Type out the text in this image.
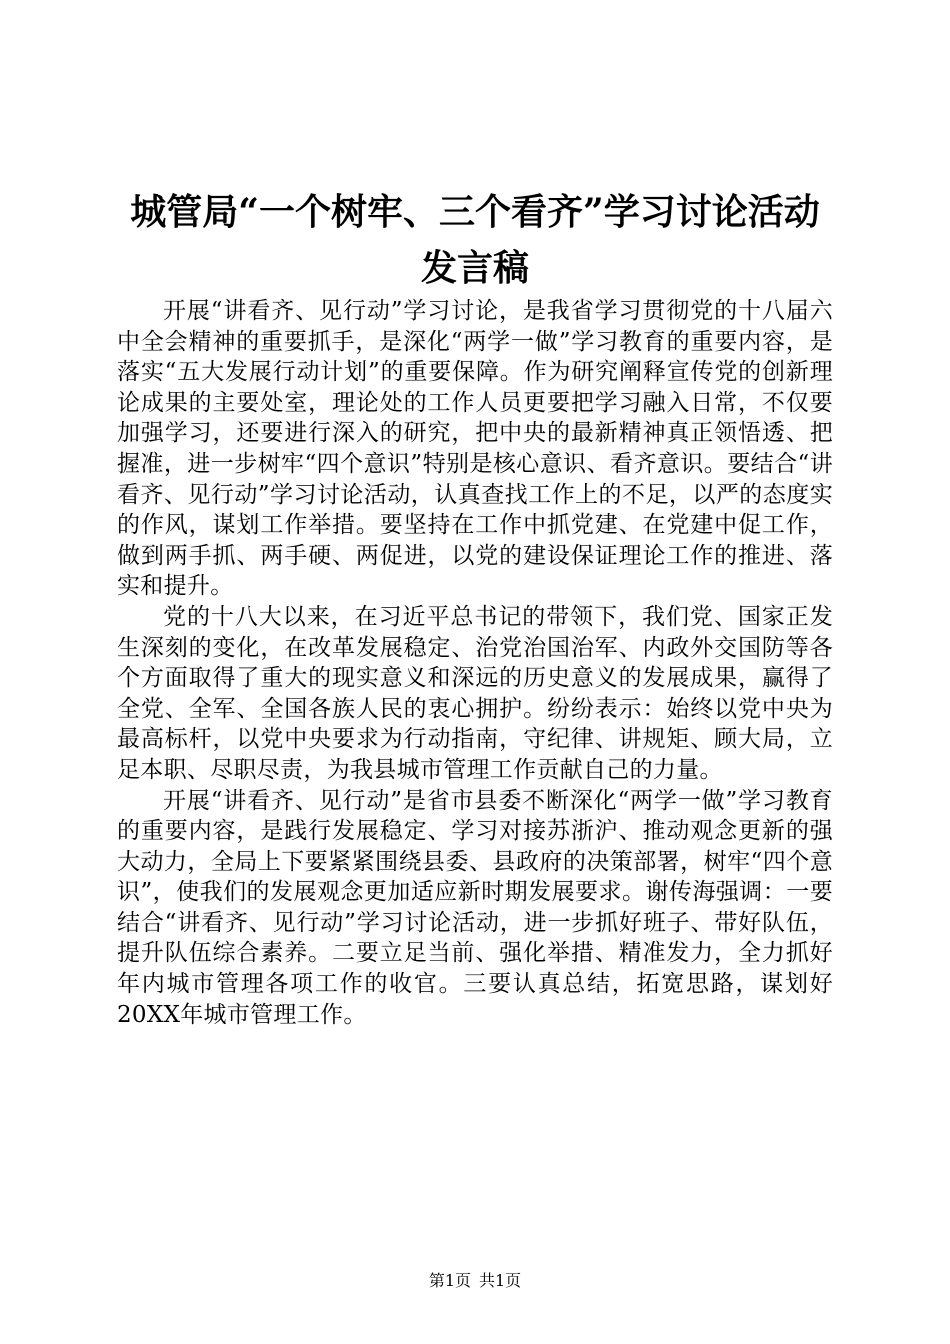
城管局“一个树牢、三个看齐”学习讨论活动
发言稿

开展“讲看齐、见行动”学习讨论，是我省学习贯彻党的十八届六中全会精神的重要抓手，是深化“两学一做”学习教育的重要内容，是落实“五大发展行动计划”的重要保障。作为研究阐释宣传党的创新理论成果的主要处室，理论处的工作人员更要把学习融入日常，不仅要加强学习，还要进行深入的研究，把中央的最新精神真正领悟透、把握准，进一步树牢“四个意识”特别是核心意识、看齐意识。要结合“讲看齐、见行动”学习讨论活动，认真查找工作上的不足，以严的态度实的作风，谋划工作举措。要坚持在工作中抓党建、在党建中促工作，做到两手抓、两手硬、两促进，以党的建设保证理论工作的推进、落实和提升。

党的十八大以来，在习近平总书记的带领下，我们党、国家正发生深刻的变化，在改革发展稳定、治党治国治军、内政外交国防等各个方面取得了重大的现实意义和深远的历史意义的发展成果，赢得了全党、全军、全国各族人民的衷心拥护。纷纷表示：始终以党中央为最高标杆，以党中央要求为行动指南，守纪律、讲规矩、顾大局，立足本职、尽职尽责，为我县城市管理工作贡献自己的力量。

开展“讲看齐、见行动”是省市县委不断深化“两学一做”学习教育的重要内容，是践行发展稳定、学习对接苏浙沪、推动观念更新的强大动力，全局上下要紧紧围绕县委、县政府的决策部署，树牢“四个意识”，使我们的发展观念更加适应新时期发展要求。谢传海强调：一要结合“讲看齐、见行动”学习讨论活动，进一步抓好班子、带好队伍，提升队伍综合素养。二要立足当前、强化举措、精准发力，全力抓好年内城市管理各项工作的收官。三要认真总结，拓宽思路，谋划好20XX年城市管理工作。

第1页 共1页
